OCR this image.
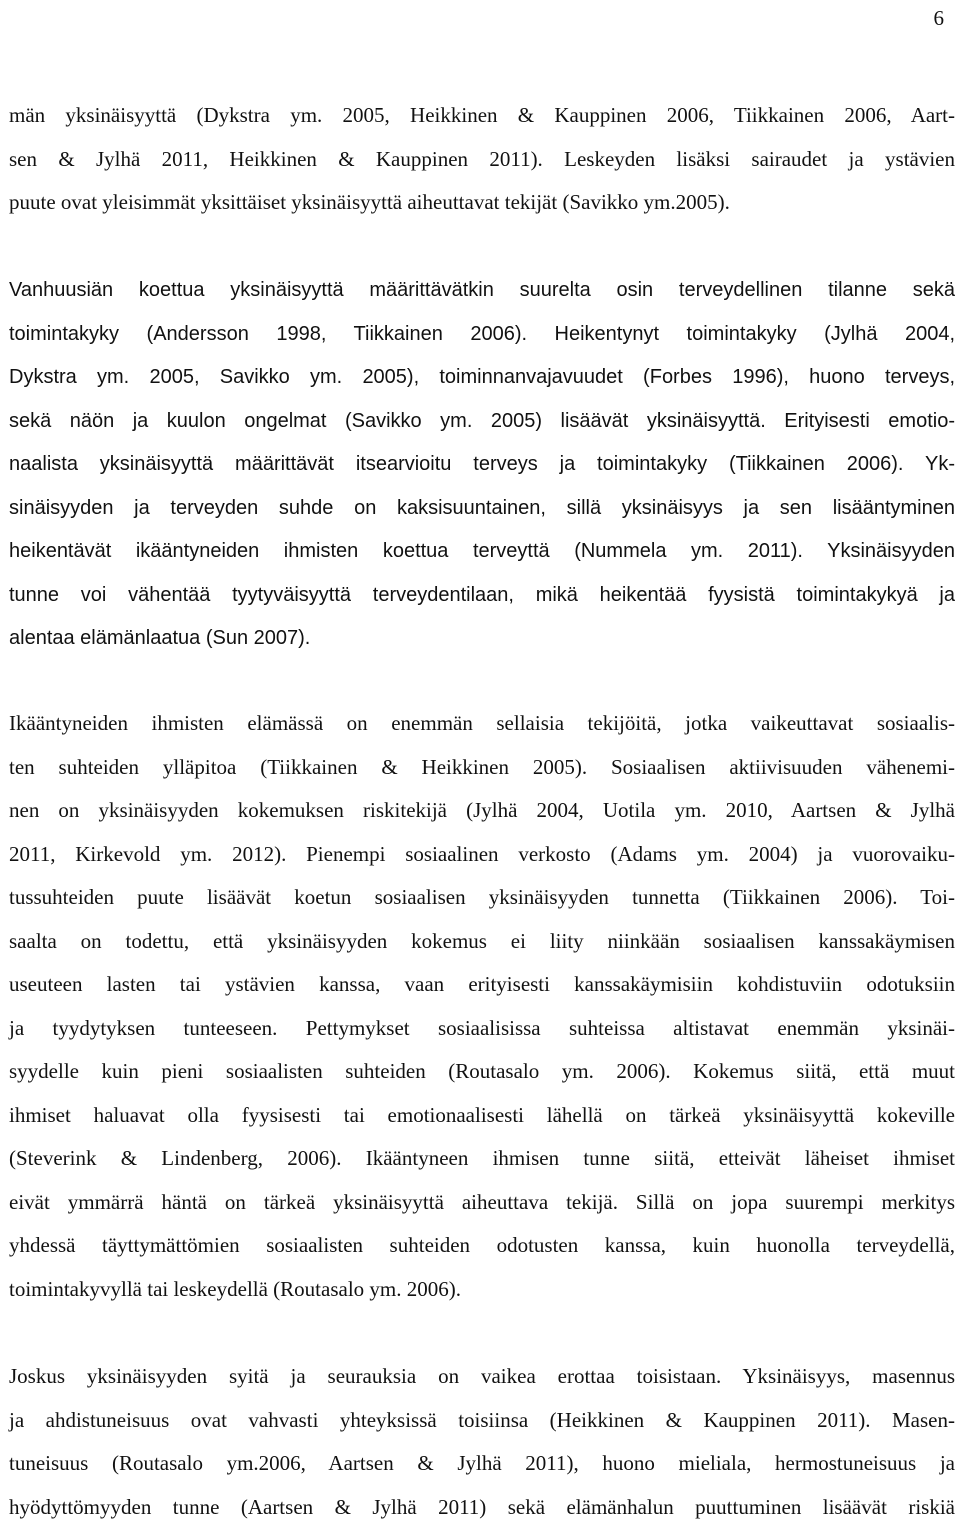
6
män yksinäisyyttä (Dykstra ym. 2005, Heikkinen & Kauppinen 2006, Tiikkainen 2006, Aart-
sen & Jylhä 2011, Heikkinen & Kauppinen 2011). Leskeyden lisäksi sairaudet ja ystävien
puute ovat yleisimmät yksittäiset yksinäisyyttä aiheuttavat tekijät (Savikko ym.2005).
Vanhuusiän koettua yksinäisyyttä määrittävätkin suurelta osin terveydellinen tilanne sekä
toimintakyky (Andersson 1998, Tiikkainen 2006). Heikentynyt toimintakyky (Jylhä 2004,
Dykstra ym. 2005, Savikko ym. 2005), toiminnanvajavuudet (Forbes 1996), huono terveys,
sekä näön ja kuulon ongelmat (Savikko ym. 2005) lisäävät yksinäisyyttä. Erityisesti emotio-
naalista yksinäisyyttä määrittävät itsearvioitu terveys ja toimintakyky (Tiikkainen 2006). Yk-
sinäisyyden ja terveyden suhde on kaksisuuntainen, sillä yksinäisyys ja sen lisääntyminen
heikentävät ikääntyneiden ihmisten koettua terveyttä (Nummela ym. 2011). Yksinäisyyden
tunne voi vähentää tyytyväisyyttä terveydentilaan, mikä heikentää fyysistä toimintakykyä ja
alentaa elämänlaatua (Sun 2007).
Ikääntyneiden ihmisten elämässä on enemmän sellaisia tekijöitä, jotka vaikeuttavat sosiaalis-
ten suhteiden ylläpitoa (Tiikkainen & Heikkinen 2005). Sosiaalisen aktiivisuuden vähenemi-
nen on yksinäisyyden kokemuksen riskitekijä (Jylhä 2004, Uotila ym. 2010, Aartsen & Jylhä
2011, Kirkevold ym. 2012). Pienempi sosiaalinen verkosto (Adams ym. 2004) ja vuorovaiku-
tussuhteiden puute lisäävät koetun sosiaalisen yksinäisyyden tunnetta (Tiikkainen 2006). Toi-
saalta on todettu, että yksinäisyyden kokemus ei liity niinkään sosiaalisen kanssakäymisen
useuteen lasten tai ystävien kanssa, vaan erityisesti kanssakäymisiin kohdistuviin odotuksiin
ja tyydytyksen tunteeseen. Pettymykset sosiaalisissa suhteissa altistavat enemmän yksinäi-
syydelle kuin pieni sosiaalisten suhteiden (Routasalo ym. 2006). Kokemus siitä, että muut
ihmiset haluavat olla fyysisesti tai emotionaalisesti lähellä on tärkeä yksinäisyyttä kokeville
(Steverink & Lindenberg, 2006). Ikääntyneen ihmisen tunne siitä, etteivät läheiset ihmiset
eivät ymmärrä häntä on tärkeä yksinäisyyttä aiheuttava tekijä. Sillä on jopa suurempi merkitys
yhdessä täyttymättömien sosiaalisten suhteiden odotusten kanssa, kuin huonolla terveydellä,
toimintakyvyllä tai leskeydellä (Routasalo ym. 2006).
Joskus yksinäisyyden syitä ja seurauksia on vaikea erottaa toisistaan. Yksinäisyys, masennus
ja ahdistuneisuus ovat vahvasti yhteyksissä toisiinsa (Heikkinen & Kauppinen 2011). Masen-
tuneisuus (Routasalo ym.2006, Aartsen & Jylhä 2011), huono mieliala, hermostuneisuus ja
hyödyttömyyden tunne (Aartsen & Jylhä 2011) sekä elämänhalun puuttuminen lisäävät riskiä
